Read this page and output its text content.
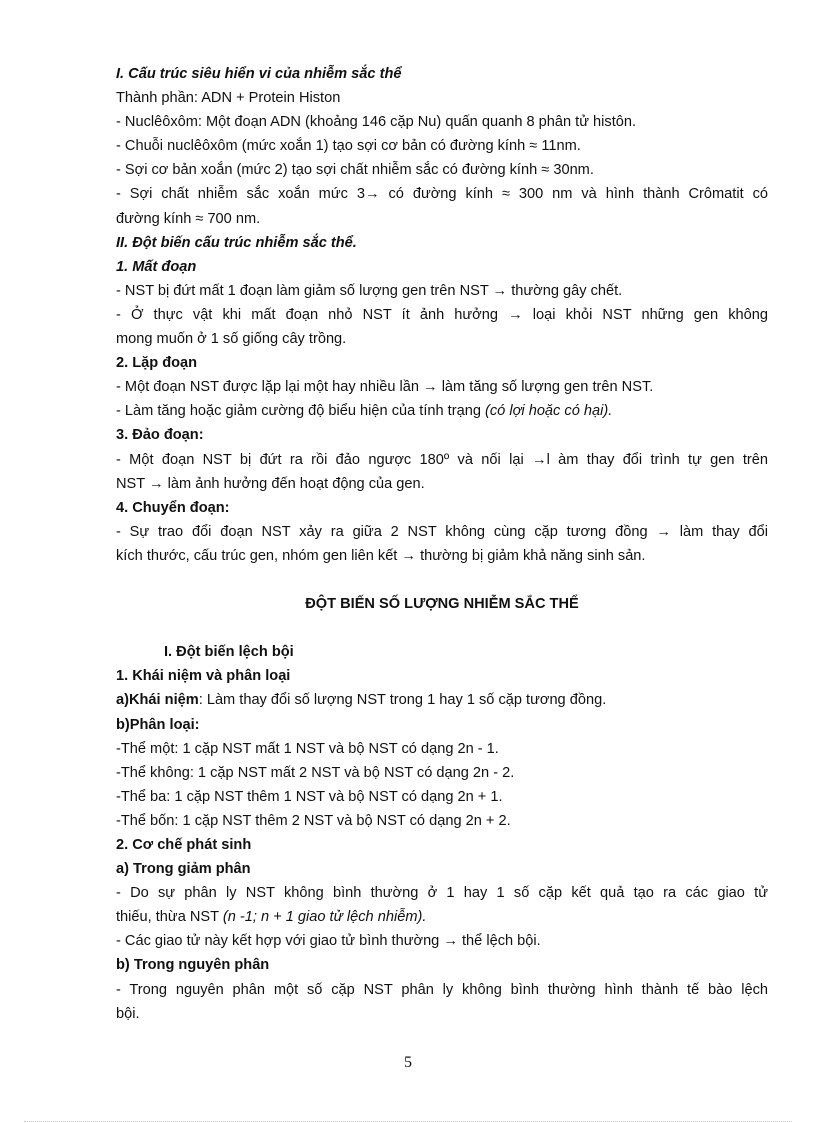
I. Cấu trúc siêu hiển vi của nhiễm sắc thể
Thành phần: ADN + Protein Histon
- Nuclêôxôm: Một đoạn ADN (khoảng 146 cặp Nu) quấn quanh 8 phân tử histôn.
- Chuỗi nuclêôxôm (mức xoắn 1) tạo sợi cơ bản có đường kính ≈ 11nm.
- Sợi cơ bản xoắn (mức 2) tạo sợi chất nhiễm sắc có đường kính ≈ 30nm.
- Sợi chất nhiễm sắc xoắn mức 3→ có đường kính ≈ 300 nm và hình thành Crômatit có
đường kính ≈ 700 nm.
II. Đột biến cấu trúc nhiễm sắc thể.
1. Mất đoạn
- NST bị đứt mất 1 đoạn làm giảm số lượng gen trên NST → thường gây chết.
- Ở thực vật khi mất đoạn nhỏ NST ít ảnh hưởng → loại khỏi NST những gen không
mong muốn ở 1 số giống cây trồng.
2. Lặp đoạn
- Một đoạn NST được lặp lại một hay nhiều lần → làm tăng số lượng gen trên NST.
- Làm tăng hoặc giảm cường độ biểu hiện của tính trạng (có lợi hoặc có hại).
3. Đảo đoạn:
- Một đoạn NST bị đứt ra rồi đảo ngược 180º và nối lại →l àm thay đổi trình tự gen trên
NST → làm ảnh hưởng đến hoạt động của gen.
4. Chuyển đoạn:
- Sự trao đổi đoạn NST xảy ra giữa 2 NST không cùng cặp tương đồng → làm thay đổi
kích thước, cấu trúc gen, nhóm gen liên kết → thường bị giảm khả năng sinh sản.
ĐỘT BIẾN SỐ LƯỢNG NHIỄM SẮC THỂ
I. Đột biến lệch bội
1. Khái niệm và phân loại
a)Khái niệm: Làm thay đổi số lượng NST trong 1 hay 1 số cặp tương đồng.
b)Phân loại:
-Thể một: 1 cặp NST mất 1 NST và bộ NST có dạng 2n - 1.
-Thể không: 1 cặp NST mất 2 NST và bộ NST có dạng 2n - 2.
-Thể ba: 1 cặp NST thêm 1 NST và bộ NST có dạng 2n + 1.
-Thể bốn: 1 cặp NST thêm 2 NST và bộ NST có dạng 2n + 2.
2. Cơ chế phát sinh
a) Trong giảm phân
- Do sự phân ly NST không bình thường ở 1 hay 1 số cặp kết quả tạo ra các giao tử
thiếu, thừa NST (n -1; n + 1 giao tử lệch nhiễm).
- Các giao tử này kết hợp với giao tử bình thường → thể lệch bội.
b) Trong nguyên phân
- Trong nguyên phân một số cặp NST phân ly không bình thường hình thành tế bào lệch
bội.
5
